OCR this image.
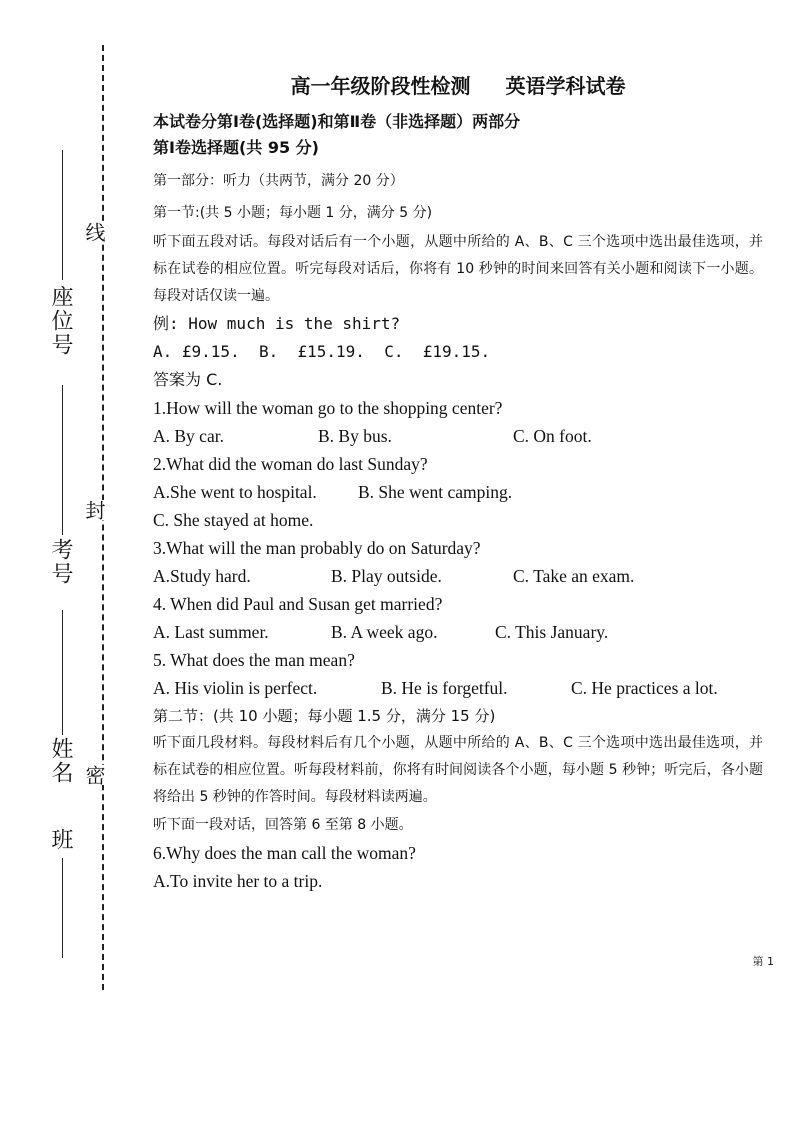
座位号
考号
姓名
班
线
封
密

高一年级阶段性检测 英语学科试卷

本试卷分第Ⅰ卷(选择题)和第Ⅱ卷（非选择题）两部分

第Ⅰ卷选择题(共 95 分)

第一部分：听力（共两节，满分 20 分）

第一节:(共 5 小题；每小题 1 分，满分 5 分)

听下面五段对话。每段对话后有一个小题，从题中所给的 A、B、C 三个选项中选出最佳选项，并标在试卷的相应位置。听完每段对话后，你将有 10 秒钟的时间来回答有关小题和阅读下一小题。每段对话仅读一遍。

例: How much is the shirt?

A. £9.15.  B.  £15.19.  C.  £19.15.

答案为 C.

1.How will the woman go to the shopping center?

A. By car.	B. By bus.	C. On foot.

2.What did the woman do last Sunday?

A.She went to hospital.	B. She went camping.

C. She stayed at home.

3.What will the man probably do on Saturday?

A.Study hard.	B. Play outside.	C. Take an exam.

4. When did Paul and Susan get married?

A. Last summer.	B. A week ago.	C. This January.

5. What does the man mean?

A. His violin is perfect.	B. He is forgetful.	C. He practices a lot.

第二节：(共 10 小题；每小题 1.5 分，满分 15 分)

听下面几段材料。每段材料后有几个小题，从题中所给的 A、B、C 三个选项中选出最佳选项，并标在试卷的相应位置。听每段材料前，你将有时间阅读各个小题，每小题 5 秒钟；听完后，各小题将给出 5 秒钟的作答时间。每段材料读两遍。

听下面一段对话，回答第 6 至第 8 小题。

6.Why does the man call the woman?

A.To invite her to a trip.

第 1
